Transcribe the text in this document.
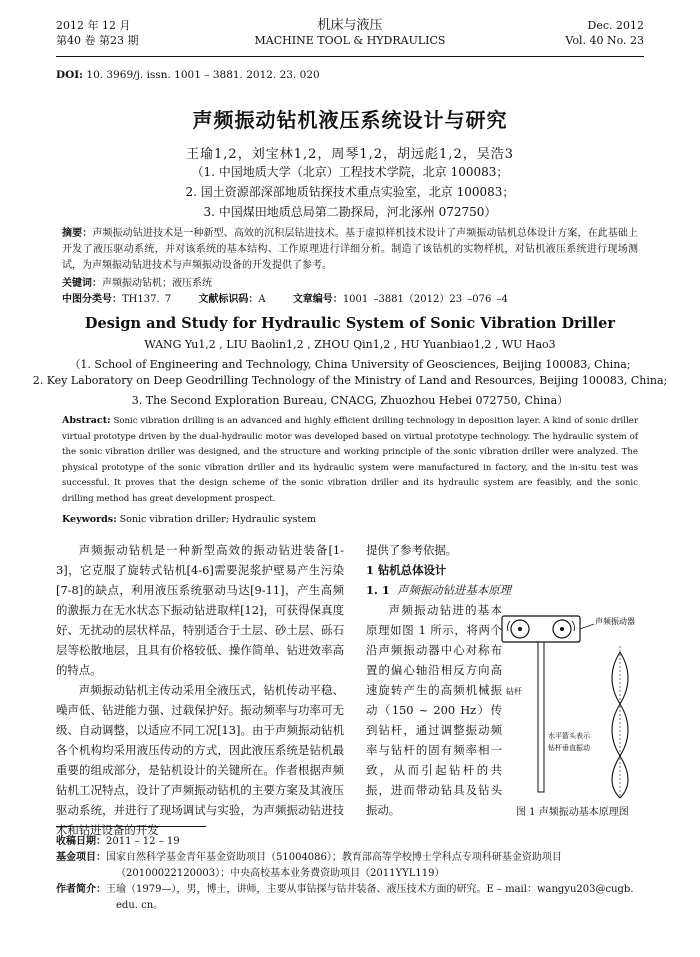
2012 年 12 月
第40 卷 第23 期
机床与液压
MACHINE TOOL & HYDRAULICS
Dec. 2012
Vol. 40 No. 23
DOI: 10. 3969/j. issn. 1001 – 3881. 2012. 23. 020
声频振动钻机液压系统设计与研究
王瑜1,2，刘宝林1,2，周琴1,2，胡远彪1,2，吴浩3
（1. 中国地质大学（北京）工程技术学院，北京 100083；
2. 国土资源部深部地质钻探技术重点实验室，北京 100083；
3. 中国煤田地质总局第二勘探局，河北涿州 072750）
摘要：声频振动钻进技术是一种新型、高效的沉积层钻进技术。基于虚拟样机技术设计了声频振动钻机总体设计方案，在此基础上开发了液压驱动系统，并对该系统的基本结构、工作原理进行详细分析。制造了该钻机的实物样机，对钻机液压系统进行现场测试，为声频振动钻进技术与声频振动设备的开发提供了参考。
关键词：声频振动钻机；液压系统
中图分类号：TH137. 7	文献标识码：A	文章编号：1001 –3881（2012）23 –076 –4
Design and Study for Hydraulic System of Sonic Vibration Driller
WANG Yu1,2 , LIU Baolin1,2 , ZHOU Qin1,2 , HU Yuanbiao1,2 , WU Hao3
（1. School of Engineering and Technology, China University of Geosciences, Beijing 100083, China;
2. Key Laboratory on Deep Geodrilling Technology of the Ministry of Land and Resources, Beijing 100083, China;
3. The Second Exploration Bureau, CNACG, Zhuozhou Hebei 072750, China）
Abstract: Sonic vibration drilling is an advanced and highly efficient drilling technology in deposition layer. A kind of sonic driller virtual prototype driven by the dual-hydraulic motor was developed based on virtual prototype technology. The hydraulic system of the sonic vibration driller was designed, and the structure and working principle of the sonic vibration driller were analyzed. The physical prototype of the sonic vibration driller and its hydraulic system were manufactured in factory, and the in-situ test was successful. It proves that the design scheme of the sonic vibration driller and its hydraulic system are feasibly, and the sonic drilling method has great development prospect.
Keywords: Sonic vibration driller; Hydraulic system

声频振动钻机是一种新型高效的振动钻进装备[1-3]，它克服了旋转式钻机[4-6]需要泥浆护壁易产生污染[7-8]的缺点，利用液压系统驱动马达[9-11]，产生高频的激振力在无水状态下振动钻进取样[12]，可获得保真度好、无扰动的层状样品，特别适合于土层、砂土层、砾石层等松散地层，且具有价格较低、操作简单、钻进效率高的特点。

声频振动钻机主传动采用全液压式，钻机传动平稳、噪声低、钻进能力强、过载保护好。振动频率与功率可无级、自动调整，以适应不同工况[13]。由于声频振动钻机各个机构均采用液压传动的方式，因此液压系统是钻机最重要的组成部分，是钻机设计的关键所在。作者根据声频钻机工况特点，设计了声频振动钻机的主要方案及其液压驱动系统，并进行了现场调试与实验，为声频振动钻进技术和钻进设备的开发

提供了参考依据。
1 钻机总体设计
1. 1 声频振动钻进基本原理

声频振动钻进的基本原理如图 1 所示，将两个沿声频振动器中心对称布置的偏心轴沿相反方向高速旋转产生的高频机械振动（150 ~ 200 Hz）传到钻杆，通过调整振动频率与钻杆的固有频率相一致，从而引起钻杆的共振，进而带动钻具及钻头振动。

声频振动器
钻杆
水平箭头表示
钻杆垂直振动
图 1 声频振动基本原理图
收稿日期：2011 – 12 – 19
基金项目：国家自然科学基金青年基金资助项目（51004086）；教育部高等学校博士学科点专项科研基金资助项目（20100022120003）；中央高校基本业务费资助项目（2011YYL119）
作者简介：王瑜（1979—），男，博士，讲师，主要从事钻探与钻井装备、液压技术方面的研究。E – mail：wangyu203@cugb. edu. cn。
